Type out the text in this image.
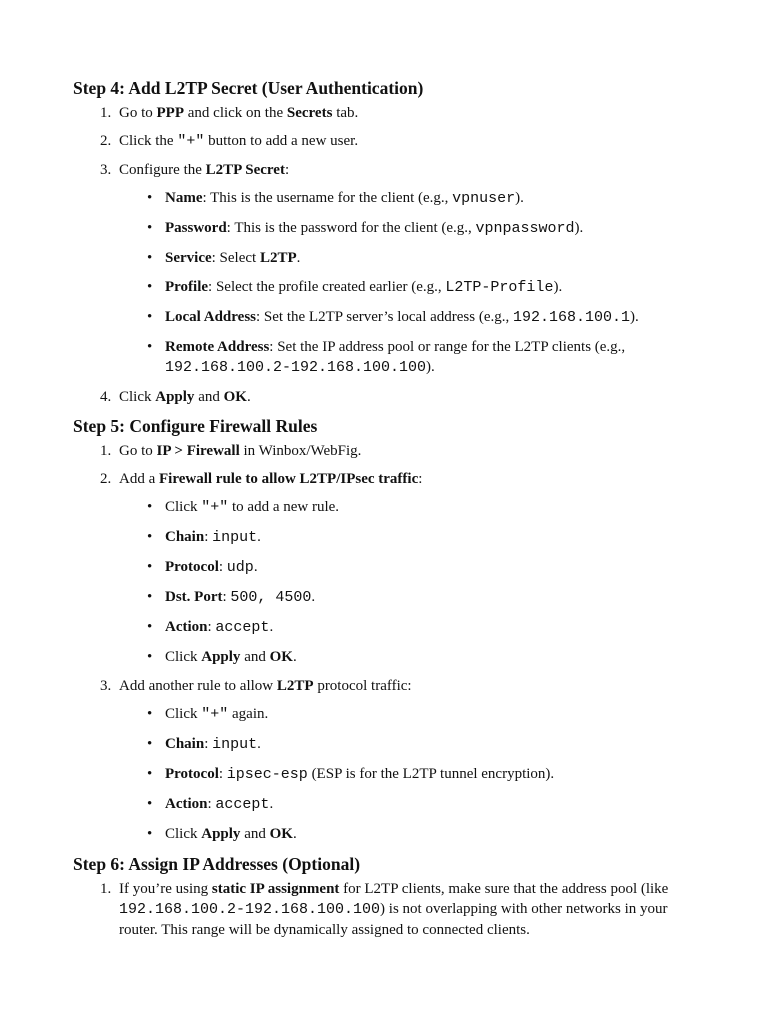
Step 4: Add L2TP Secret (User Authentication)
1. Go to PPP and click on the Secrets tab.
2. Click the "+" button to add a new user.
3. Configure the L2TP Secret:
• Name: This is the username for the client (e.g., vpnuser).
• Password: This is the password for the client (e.g., vpnpassword).
• Service: Select L2TP.
• Profile: Select the profile created earlier (e.g., L2TP-Profile).
• Local Address: Set the L2TP server’s local address (e.g., 192.168.100.1).
• Remote Address: Set the IP address pool or range for the L2TP clients (e.g., 192.168.100.2-192.168.100.100).
4. Click Apply and OK.
Step 5: Configure Firewall Rules
1. Go to IP > Firewall in Winbox/WebFig.
2. Add a Firewall rule to allow L2TP/IPsec traffic:
• Click "+" to add a new rule.
• Chain: input.
• Protocol: udp.
• Dst. Port: 500, 4500.
• Action: accept.
• Click Apply and OK.
3. Add another rule to allow L2TP protocol traffic:
• Click "+" again.
• Chain: input.
• Protocol: ipsec-esp (ESP is for the L2TP tunnel encryption).
• Action: accept.
• Click Apply and OK.
Step 6: Assign IP Addresses (Optional)
1. If you’re using static IP assignment for L2TP clients, make sure that the address pool (like 192.168.100.2-192.168.100.100) is not overlapping with other networks in your router. This range will be dynamically assigned to connected clients.
